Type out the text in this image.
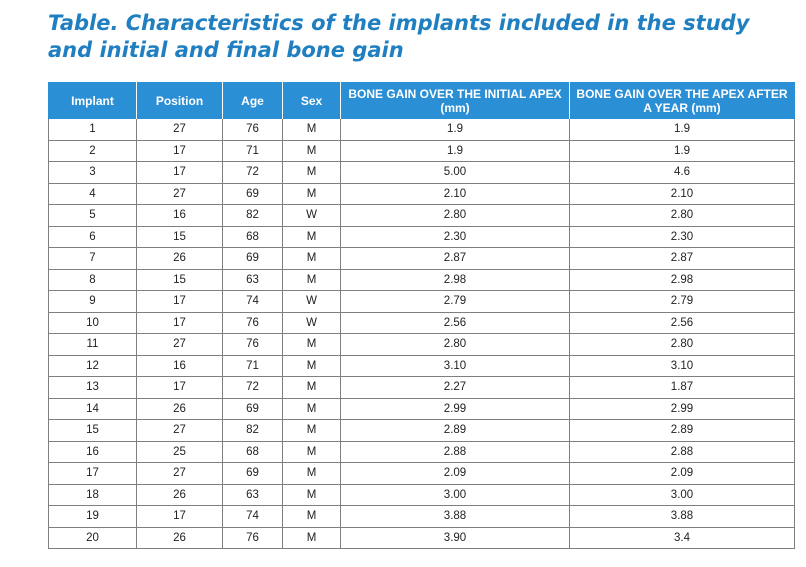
Table. Characteristics of the implants included in the study and initial and final bone gain
Implant	Position	Age	Sex	BONE GAIN OVER THE INITIAL APEX (mm)	BONE GAIN OVER THE APEX AFTER A YEAR (mm)
1	27	76	M	1.9	1.9
2	17	71	M	1.9	1.9
3	17	72	M	5.00	4.6
4	27	69	M	2.10	2.10
5	16	82	W	2.80	2.80
6	15	68	M	2.30	2.30
7	26	69	M	2.87	2.87
8	15	63	M	2.98	2.98
9	17	74	W	2.79	2.79
10	17	76	W	2.56	2.56
11	27	76	M	2.80	2.80
12	16	71	M	3.10	3.10
13	17	72	M	2.27	1.87
14	26	69	M	2.99	2.99
15	27	82	M	2.89	2.89
16	25	68	M	2.88	2.88
17	27	69	M	2.09	2.09
18	26	63	M	3.00	3.00
19	17	74	M	3.88	3.88
20	26	76	M	3.90	3.4
